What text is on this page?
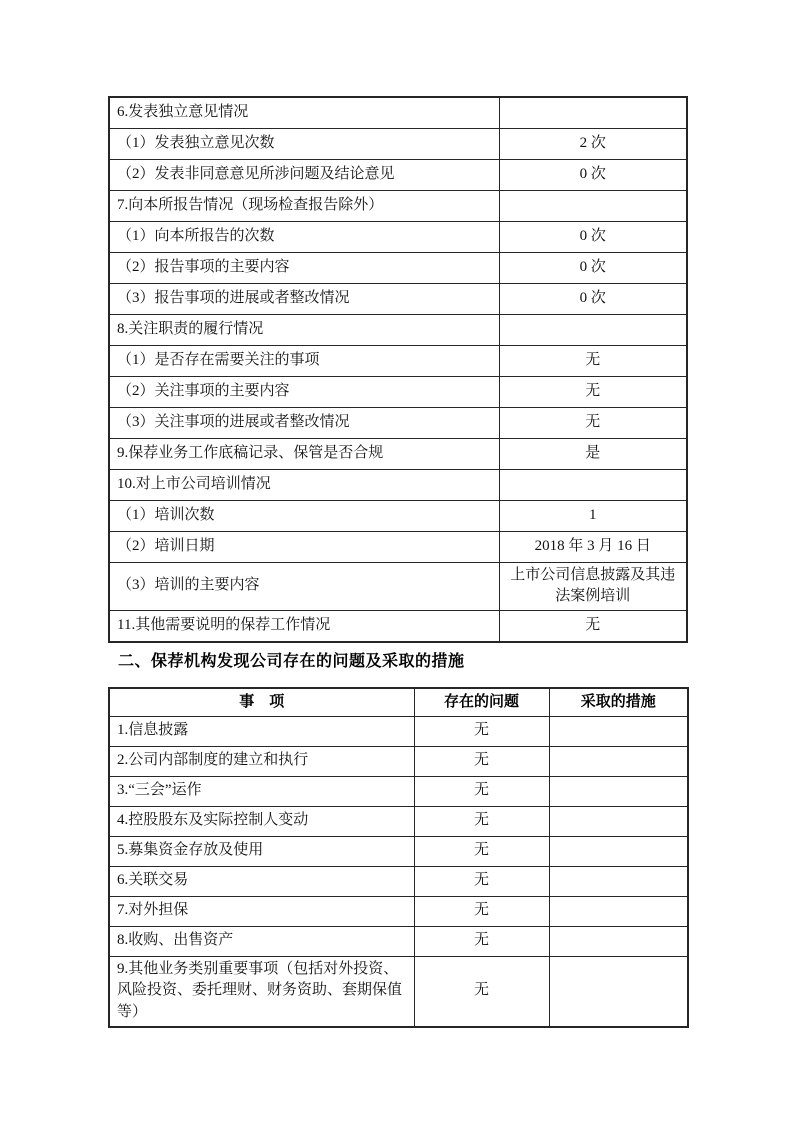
6.发表独立意见情况	
（1）发表独立意见次数	2 次
（2）发表非同意意见所涉问题及结论意见	0 次
7.向本所报告情况（现场检查报告除外）	
（1）向本所报告的次数	0 次
（2）报告事项的主要内容	0 次
（3）报告事项的进展或者整改情况	0 次
8.关注职责的履行情况	
（1）是否存在需要关注的事项	无
（2）关注事项的主要内容	无
（3）关注事项的进展或者整改情况	无
9.保荐业务工作底稿记录、保管是否合规	是
10.对上市公司培训情况	
（1）培训次数	1
（2）培训日期	2018 年 3 月 16 日
（3）培训的主要内容	上市公司信息披露及其违法案例培训
11.其他需要说明的保荐工作情况	无
二、保荐机构发现公司存在的问题及采取的措施
事　项	存在的问题	采取的措施
1.信息披露	无	
2.公司内部制度的建立和执行	无	
3.“三会”运作	无	
4.控股股东及实际控制人变动	无	
5.募集资金存放及使用	无	
6.关联交易	无	
7.对外担保	无	
8.收购、出售资产	无	
9.其他业务类别重要事项（包括对外投资、风险投资、委托理财、财务资助、套期保值等）	无	
